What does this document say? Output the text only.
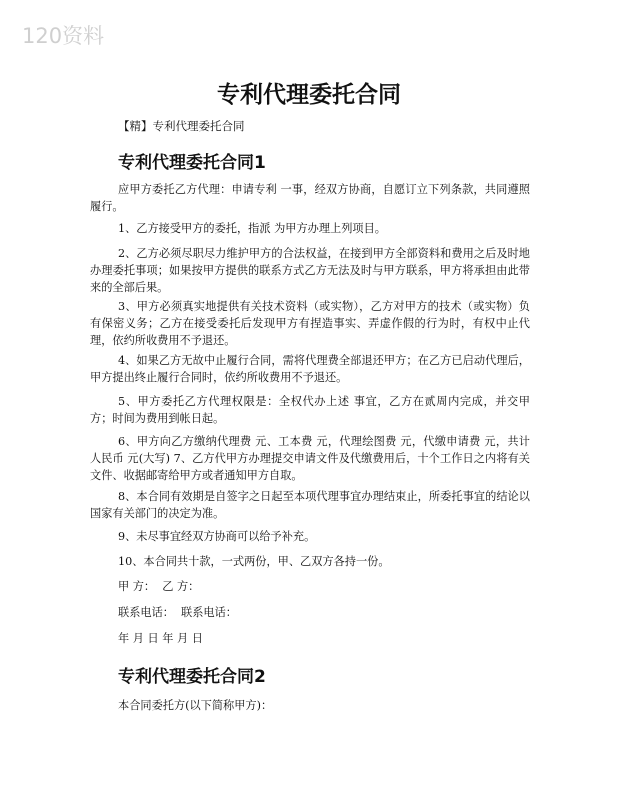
120资料
专利代理委托合同
【精】专利代理委托合同
专利代理委托合同1
应甲方委托乙方代理：申请专利 一事，经双方协商，自愿订立下列条款，共同遵照履行。
1、乙方接受甲方的委托，指派 为甲方办理上列项目。
2、乙方必须尽职尽力维护甲方的合法权益，在接到甲方全部资料和费用之后及时地办理委托事项；如果按甲方提供的联系方式乙方无法及时与甲方联系，甲方将承担由此带来的全部后果。
3、甲方必须真实地提供有关技术资料（或实物），乙方对甲方的技术（或实物）负有保密义务；乙方在接受委托后发现甲方有捏造事实、弄虚作假的行为时，有权中止代理，依约所收费用不予退还。
4、如果乙方无故中止履行合同，需将代理费全部退还甲方；在乙方已启动代理后，甲方提出终止履行合同时，依约所收费用不予退还。
5、甲方委托乙方代理权限是：全权代办上述 事宜，乙方在贰周内完成，并交甲方；时间为费用到帐日起。
6、甲方向乙方缴纳代理费 元、工本费 元，代理绘图费 元，代缴申请费 元，共计人民币 元(大写) 7、乙方代甲方办理提交申请文件及代缴费用后，十个工作日之内将有关文件、收据邮寄给甲方或者通知甲方自取。
8、本合同有效期是自签字之日起至本项代理事宜办理结束止，所委托事宜的结论以国家有关部门的决定为准。
9、未尽事宜经双方协商可以给予补充。
10、本合同共十款，一式两份，甲、乙双方各持一份。
甲 方：  乙 方：
联系电话：  联系电话：
年 月 日 年 月 日
专利代理委托合同2
本合同委托方(以下简称甲方)：
